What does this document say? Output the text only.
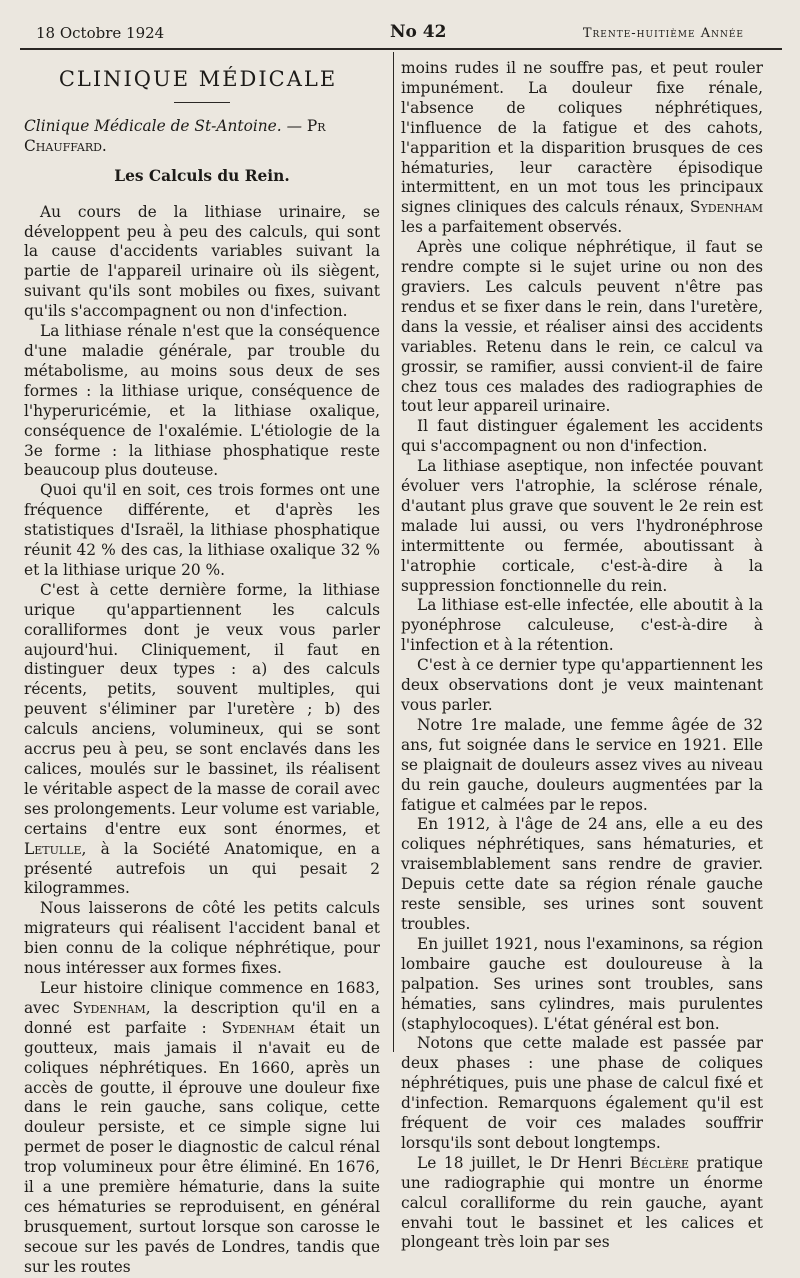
18 Octobre 1924	No 42	Trente-huitième Année
CLINIQUE MÉDICALE
Clinique Médicale de St-Antoine. — Pr Chauffard.
Les Calculs du Rein.

Au cours de la lithiase urinaire, se développent peu à peu des calculs, qui sont la cause d'accidents variables suivant la partie de l'appareil urinaire où ils siègent, suivant qu'ils sont mobiles ou fixes, suivant qu'ils s'accompagnent ou non d'infection.

La lithiase rénale n'est que la conséquence d'une maladie générale, par trouble du métabolisme, au moins sous deux de ses formes : la lithiase urique, conséquence de l'hyperuricémie, et la lithiase oxalique, conséquence de l'oxalémie. L'étiologie de la 3e forme : la lithiase phosphatique reste beaucoup plus douteuse.

Quoi qu'il en soit, ces trois formes ont une fréquence différente, et d'après les statistiques d'Israël, la lithiase phosphatique réunit 42 % des cas, la lithiase oxalique 32 % et la lithiase urique 20 %.

C'est à cette dernière forme, la lithiase urique qu'appartiennent les calculs coralliformes dont je veux vous parler aujourd'hui. Cliniquement, il faut en distinguer deux types : a) des calculs récents, petits, souvent multiples, qui peuvent s'éliminer par l'uretère ; b) des calculs anciens, volumineux, qui se sont accrus peu à peu, se sont enclavés dans les calices, moulés sur le bassinet, ils réalisent le véritable aspect de la masse de corail avec ses prolongements. Leur volume est variable, certains d'entre eux sont énormes, et Letulle, à la Société Anatomique, en a présenté autrefois un qui pesait 2 kilogrammes.

Nous laisserons de côté les petits calculs migrateurs qui réalisent l'accident banal et bien connu de la colique néphrétique, pour nous intéresser aux formes fixes.

Leur histoire clinique commence en 1683, avec Sydenham, la description qu'il en a donné est parfaite : Sydenham était un goutteux, mais jamais il n'avait eu de coliques néphrétiques. En 1660, après un accès de goutte, il éprouve une douleur fixe dans le rein gauche, sans colique, cette douleur persiste, et ce simple signe lui permet de poser le diagnostic de calcul rénal trop volumineux pour être éliminé. En 1676, il a une première hématurie, dans la suite ces hématuries se reproduisent, en général brusquement, surtout lorsque son carosse le secoue sur les pavés de Londres, tandis que sur les routes

moins rudes il ne souffre pas, et peut rouler impunément. La douleur fixe rénale, l'absence de coliques néphrétiques, l'influence de la fatigue et des cahots, l'apparition et la disparition brusques de ces hématuries, leur caractère épisodique intermittent, en un mot tous les principaux signes cliniques des calculs rénaux, Sydenham les a parfaitement observés.

Après une colique néphrétique, il faut se rendre compte si le sujet urine ou non des graviers. Les calculs peuvent n'être pas rendus et se fixer dans le rein, dans l'uretère, dans la vessie, et réaliser ainsi des accidents variables. Retenu dans le rein, ce calcul va grossir, se ramifier, aussi convient-il de faire chez tous ces malades des radiographies de tout leur appareil urinaire.

Il faut distinguer également les accidents qui s'accompagnent ou non d'infection.

La lithiase aseptique, non infectée pouvant évoluer vers l'atrophie, la sclérose rénale, d'autant plus grave que souvent le 2e rein est malade lui aussi, ou vers l'hydronéphrose intermittente ou fermée, aboutissant à l'atrophie corticale, c'est-à-dire à la suppression fonctionnelle du rein.

La lithiase est-elle infectée, elle aboutit à la pyonéphrose calculeuse, c'est-à-dire à l'infection et à la rétention.

C'est à ce dernier type qu'appartiennent les deux observations dont je veux maintenant vous parler.

Notre 1re malade, une femme âgée de 32 ans, fut soignée dans le service en 1921. Elle se plaignait de douleurs assez vives au niveau du rein gauche, douleurs augmentées par la fatigue et calmées par le repos.

En 1912, à l'âge de 24 ans, elle a eu des coliques néphrétiques, sans hématuries, et vraisemblablement sans rendre de gravier. Depuis cette date sa région rénale gauche reste sensible, ses urines sont souvent troubles.

En juillet 1921, nous l'examinons, sa région lombaire gauche est douloureuse à la palpation. Ses urines sont troubles, sans hématies, sans cylindres, mais purulentes (staphylocoques). L'état général est bon.

Notons que cette malade est passée par deux phases : une phase de coliques néphrétiques, puis une phase de calcul fixé et d'infection. Remarquons également qu'il est fréquent de voir ces malades souffrir lorsqu'ils sont debout longtemps.

Le 18 juillet, le Dr Henri Béclère pratique une radiographie qui montre un énorme calcul coralliforme du rein gauche, ayant envahi tout le bassinet et les calices et plongeant très loin par ses
